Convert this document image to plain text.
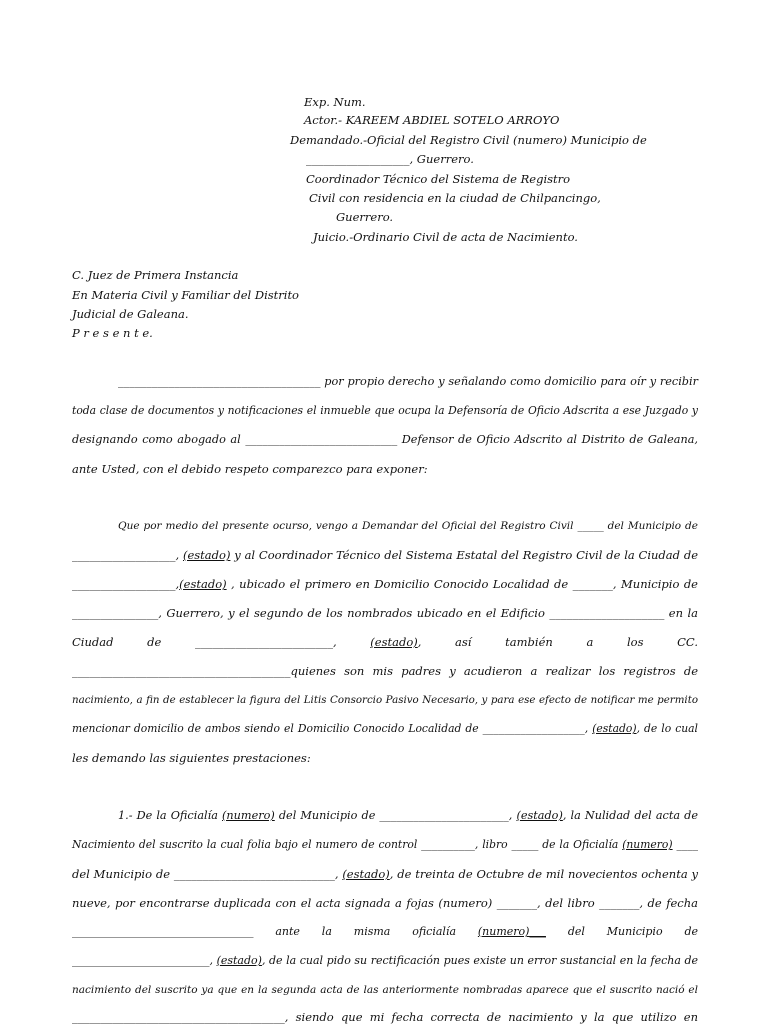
Exp. Num.
Actor.- KAREEM ABDIEL SOTELO ARROYO
Demandado.-Oficial del Registro Civil (numero) Municipio de
__________________, Guerrero.
Coordinador Técnico del Sistema de Registro
Civil con residencia en la ciudad de Chilpancingo,
Guerrero.
Juicio.-Ordinario Civil de acta de Nacimiento.
C. Juez de Primera Instancia
En Materia Civil y Familiar del Distrito
Judicial de Galeana.
P r e s e n t e.
____________________________________ por propio derecho y señalando como domicilio para oír y recibir
toda clase de documentos y notificaciones el inmueble que ocupa la Defensoría de Oficio Adscrita a ese Juzgado y
designando como abogado al ___________________________ Defensor de Oficio Adscrito al Distrito de Galeana,
ante Usted, con el debido respeto comparezco para exponer:
Que por medio del presente ocurso, vengo a Demandar del Oficial del Registro Civil _____ del Municipio de
__________________, (estado) y al Coordinador Técnico del Sistema Estatal del Registro Civil de la Ciudad de
__________________,(estado) , ubicado el primero en Domicilio Conocido Localidad de _______, Municipio de
_______________, Guerrero, y el segundo de los nombrados ubicado en el Edificio ____________________ en la
Ciudad de ________________________, (estado), así también a los CC.
______________________________________quienes son mis padres y acudieron a realizar los registros de
nacimiento, a fin de establecer la figura del Litis Consorcio Pasivo Necesario, y para ese efecto de notificar me permito
mencionar domicilio de ambos siendo el Domicilio Conocido Localidad de ___________________, (estado), de lo cual
les demando las siguientes prestaciones:
1.- De la Oficialía (numero) del Municipio de _______________________, (estado), la Nulidad del acta de
Nacimiento del suscrito la cual folia bajo el numero de control __________, libro _____ de la Oficialía (numero) ____
del Municipio de ____________________________, (estado), de treinta de Octubre de mil novecientos ochenta y
nueve, por encontrarse duplicada con el acta signada a fojas (numero) _______, del libro _______, de fecha
_________________________________ ante la misma oficialía (numero)___ del Municipio de
_________________________, (estado), de la cual pido su rectificación pues existe un error sustancial en la fecha de
nacimiento del suscrito ya que en la segunda acta de las anteriormente nombradas aparece que el suscrito nació el
_____________________________________, siendo que mi fecha correcta de nacimiento y la que utilizo en
